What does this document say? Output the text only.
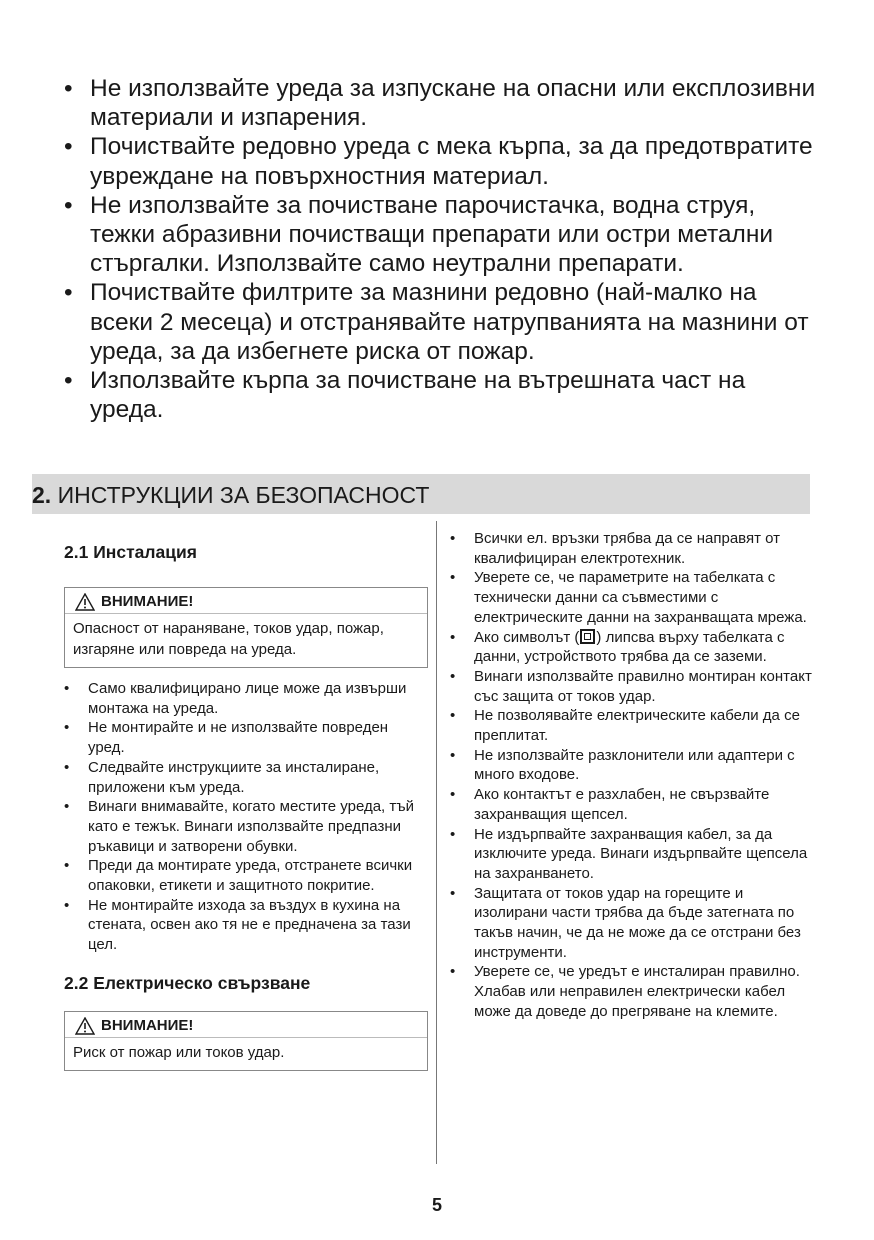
• Не използвайте уреда за изпускане на опасни или експлозивни материали и изпарения.
• Почиствайте редовно уреда с мека кърпа, за да предотвратите увреждане на повърхностния материал.
• Не използвайте за почистване парочистачка, водна струя, тежки абразивни почистващи препарати или остри метални стъргалки. Използвайте само неутрални препарати.
• Почиствайте филтрите за мазнини редовно (най-малко на всеки 2 месеца) и отстранявайте натрупванията на мазнини от уреда, за да избегнете риска от пожар.
• Използвайте кърпа за почистване на вътрешната част на уреда.
2. ИНСТРУКЦИИ ЗА БЕЗОПАСНОСТ
2.1 Инсталация
ВНИМАНИЕ!
Опасност от нараняване, токов удар, пожар, изгаряне или повреда на уреда.
• Само квалифицирано лице може да извърши монтажа на уреда.
• Не монтирайте и не използвайте повреден уред.
• Следвайте инструкциите за инсталиране, приложени към уреда.
• Винаги внимавайте, когато местите уреда, тъй като е тежък. Винаги използвайте предпазни ръкавици и затворени обувки.
• Преди да монтирате уреда, отстранете всички опаковки, етикети и защитното покритие.
• Не монтирайте изхода за въздух в кухина на стената, освен ако тя не е предначена за тази цел.
2.2 Електрическо свързване
ВНИМАНИЕ!
Риск от пожар или токов удар.
• Всички ел. връзки трябва да се направят от квалифициран електротехник.
• Уверете се, че параметрите на табелката с технически данни са съвместими с електрическите данни на захранващата мрежа.
• Ако символът ( ) липсва върху табелката с данни, устройството трябва да се заземи.
• Винаги използвайте правилно монтиран контакт със защита от токов удар.
• Не позволявайте електрическите кабели да се преплитат.
• Не използвайте разклонители или адаптери с много входове.
• Ако контактът е разхлабен, не свързвайте захранващия щепсел.
• Не издърпвайте захранващия кабел, за да изключите уреда. Винаги издърпвайте щепсела на захранването.
• Защитата от токов удар на горещите и изолирани части трябва да бъде затегната по такъв начин, че да не може да се отстрани без инструменти.
• Уверете се, че уредът е инсталиран правилно. Хлабав или неправилен електрически кабел може да доведе до прегряване на клемите.
5
